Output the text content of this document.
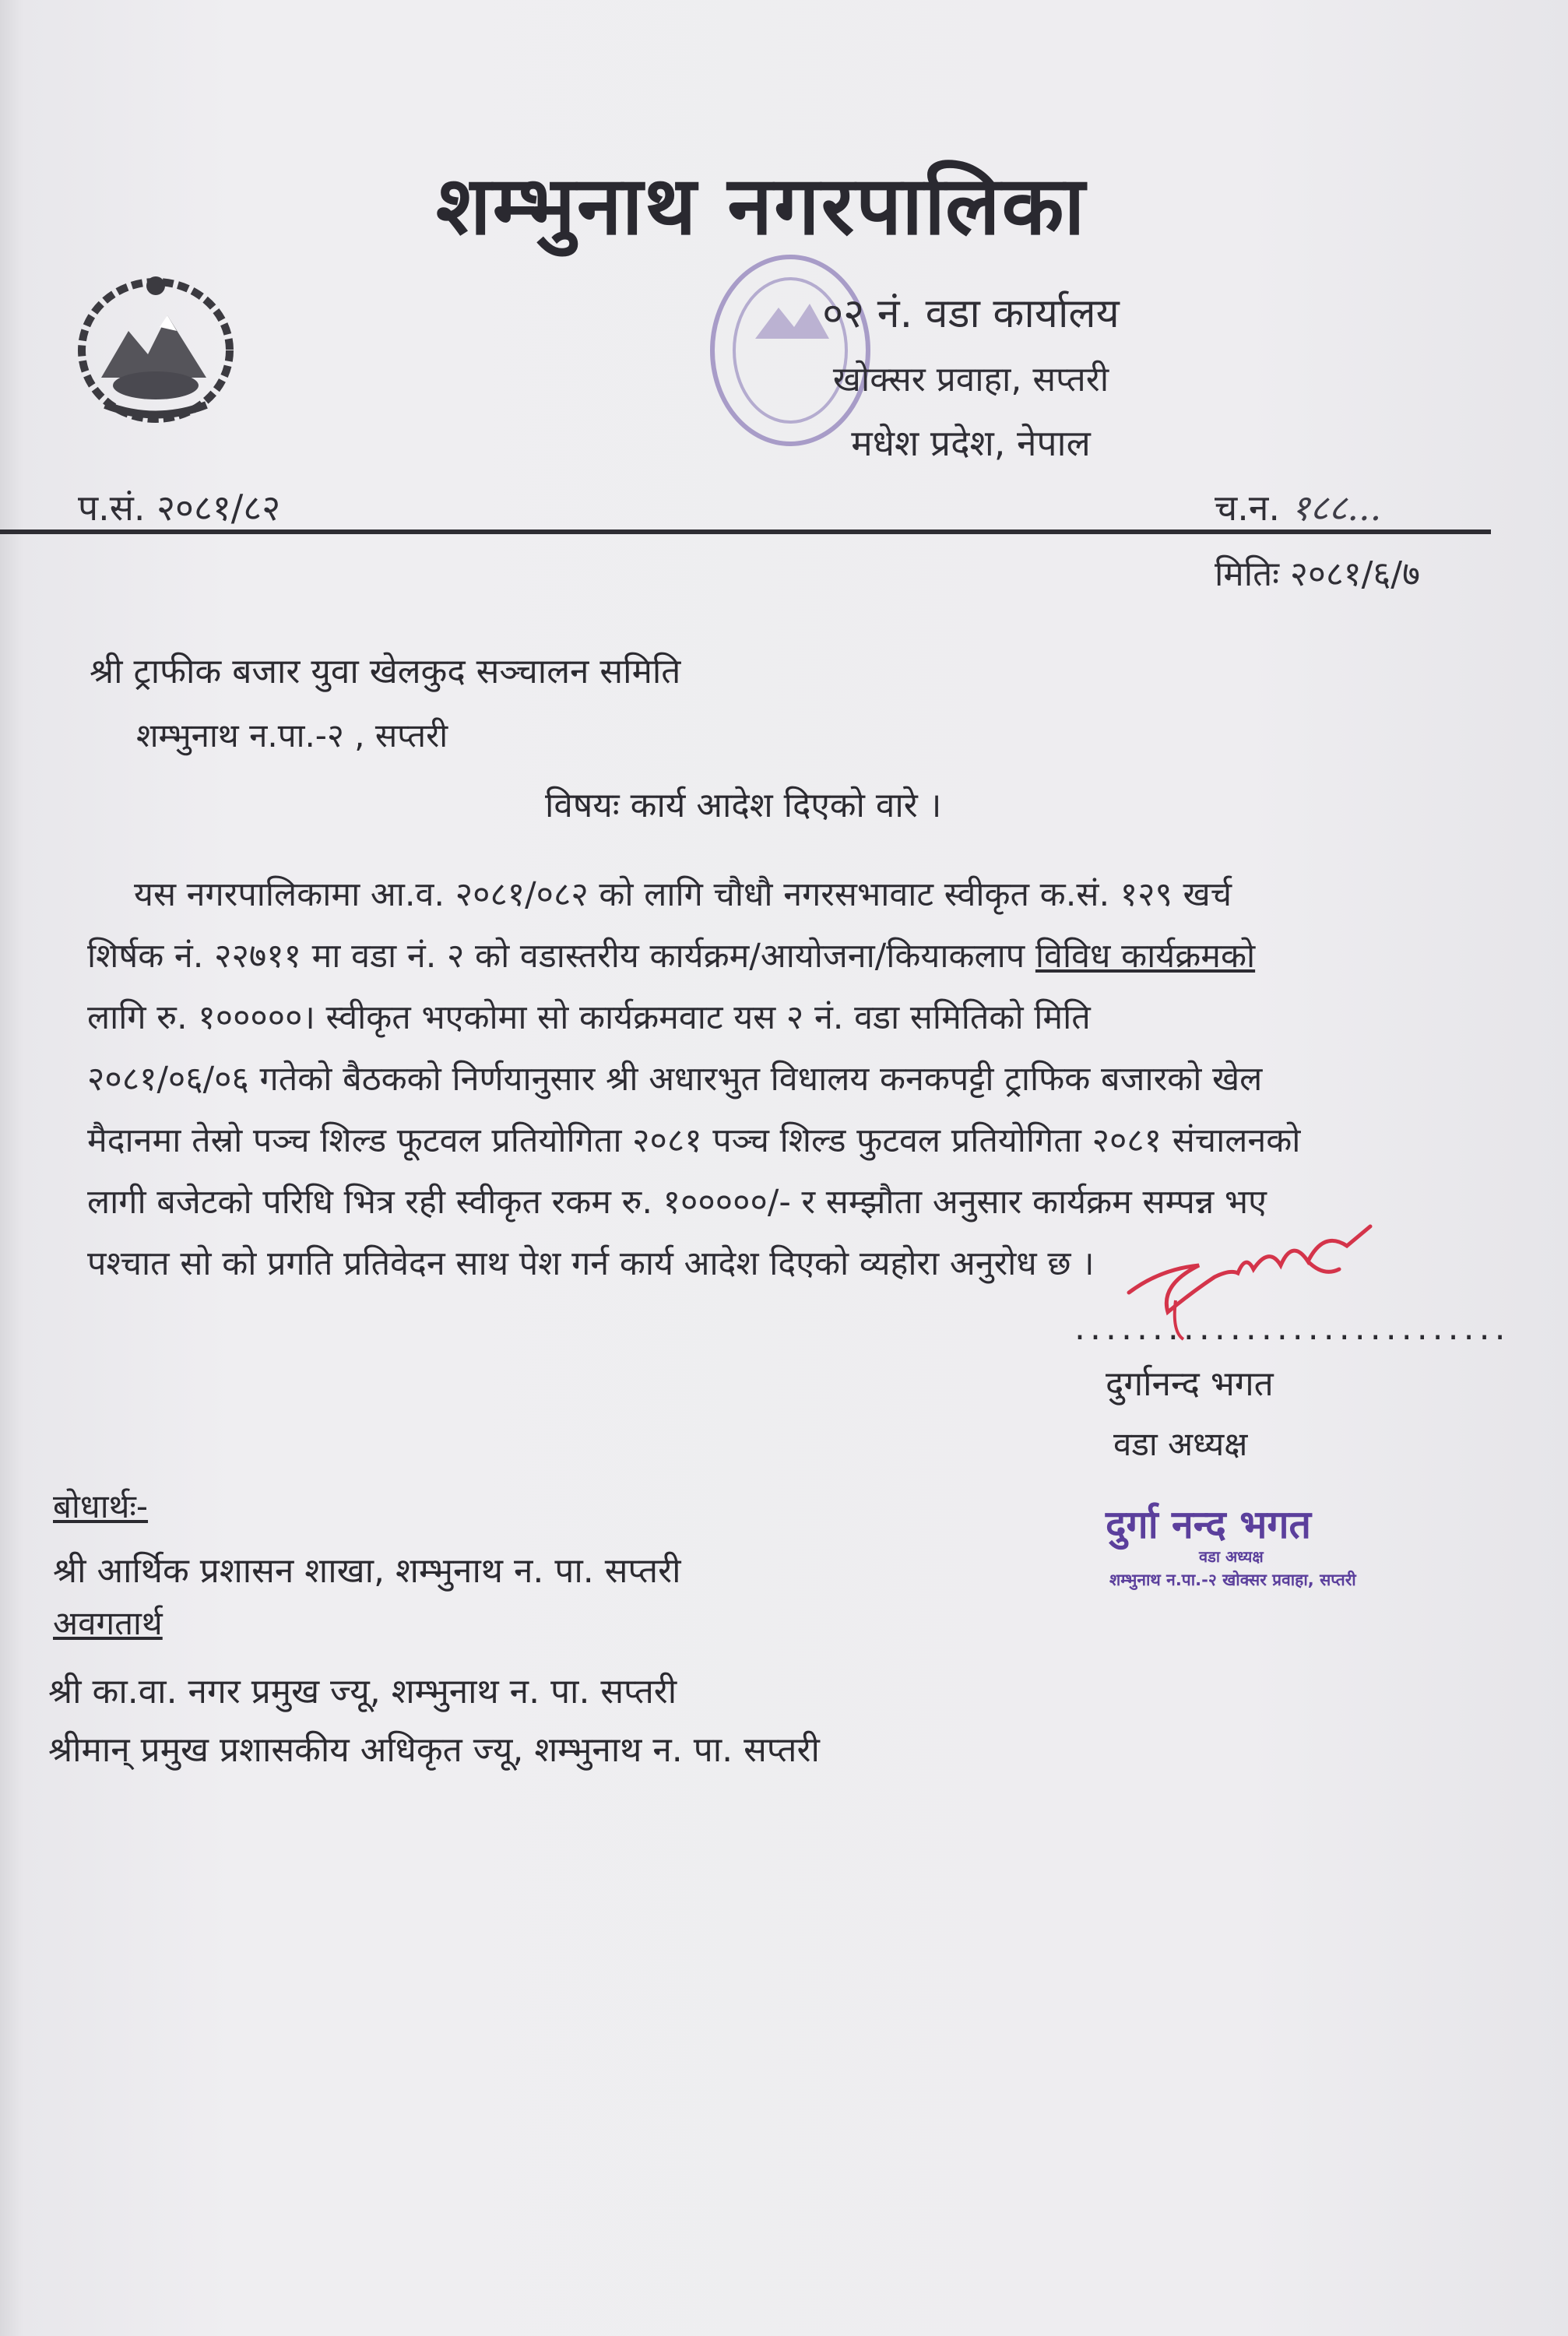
शम्भुनाथ नगरपालिका
०२ नं. वडा कार्यालय
खोक्सर प्रवाहा, सप्तरी
मधेश प्रदेश, नेपाल
प.सं. २०८१/८२	च.न. १८८...
मितिः २०८१/६/७
श्री ट्राफीक बजार युवा खेलकुद सञ्चालन समिति
शम्भुनाथ न.पा.-२ , सप्तरी
विषयः कार्य आदेश दिएको वारे ।
यस नगरपालिकामा आ.व. २०८१/०८२ को लागि चौधौ नगरसभावाट स्वीकृत क.सं. १२९ खर्च
शिर्षक नं. २२७११ मा वडा नं. २ को वडास्तरीय कार्यक्रम/आयोजना/कियाकलाप विविध कार्यक्रमको
लागि रु. १०००००। स्वीकृत भएकोमा सो कार्यक्रमवाट यस २ नं. वडा समितिको मिति
२०८१/०६/०६ गतेको बैठकको निर्णयानुसार श्री अधारभुत विधालय कनकपट्टी ट्राफिक बजारको खेल
मैदानमा तेस्रो पञ्च शिल्ड फूटवल प्रतियोगिता २०८१ पञ्च शिल्ड फुटवल प्रतियोगिता २०८१ संचालनको
लागी बजेटको परिधि भित्र रही स्वीकृत रकम रु. १०००००/- र सम्झौता अनुसार कार्यक्रम सम्पन्न भए
पश्चात सो को प्रगति प्रतिवेदन साथ पेश गर्न कार्य आदेश दिएको व्यहोरा अनुरोध छ ।
............................
दुर्गानन्द भगत
वडा अध्यक्ष
दुर्गा नन्द भगत
वडा अध्यक्ष
शम्भुनाथ न.पा.-२ खोक्सर प्रवाहा, सप्तरी
बोधार्थः-
श्री आर्थिक प्रशासन शाखा, शम्भुनाथ न. पा. सप्तरी
अवगतार्थ
श्री का.वा. नगर प्रमुख ज्यू, शम्भुनाथ न. पा. सप्तरी
श्रीमान् प्रमुख प्रशासकीय अधिकृत ज्यू, शम्भुनाथ न. पा. सप्तरी
